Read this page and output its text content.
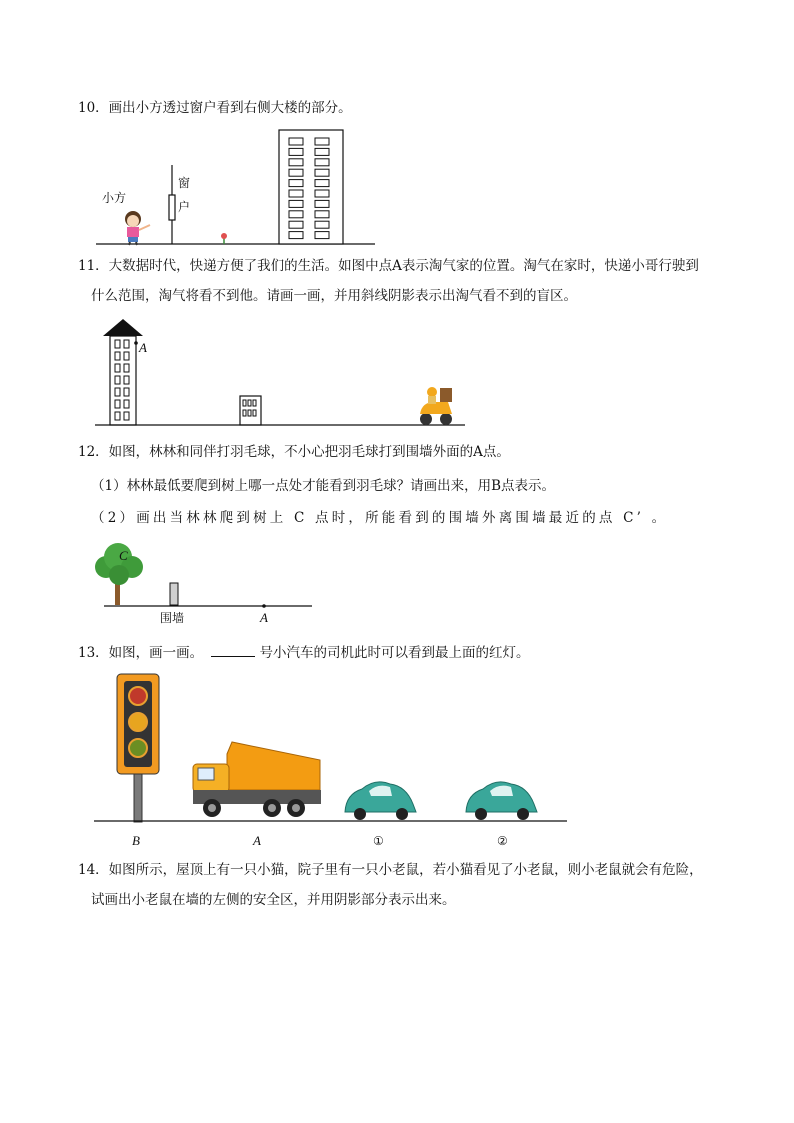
10．画出小方透过窗户看到右侧大楼的部分。
小方
窗
户
11．大数据时代，快递方便了我们的生活。如图中点A表示淘气家的位置。淘气在家时，快递小哥行驶到
什么范围，淘气将看不到他。请画一画，并用斜线阴影表示出淘气看不到的盲区。
A
12．如图，林林和同伴打羽毛球，不小心把羽毛球打到围墙外面的A点。
（1）林林最低要爬到树上哪一点处才能看到羽毛球？请画出来，用B点表示。
（2）画出当林林爬到树上 C 点时，所能看到的围墙外离围墙最近的点 C’ 。
C
围墙	A
13．如图，画一画。	号小汽车的司机此时可以看到最上面的红灯。
B	A	①	②
14．如图所示，屋顶上有一只小猫，院子里有一只小老鼠，若小猫看见了小老鼠，则小老鼠就会有危险，
试画出小老鼠在墙的左侧的安全区，并用阴影部分表示出来。
